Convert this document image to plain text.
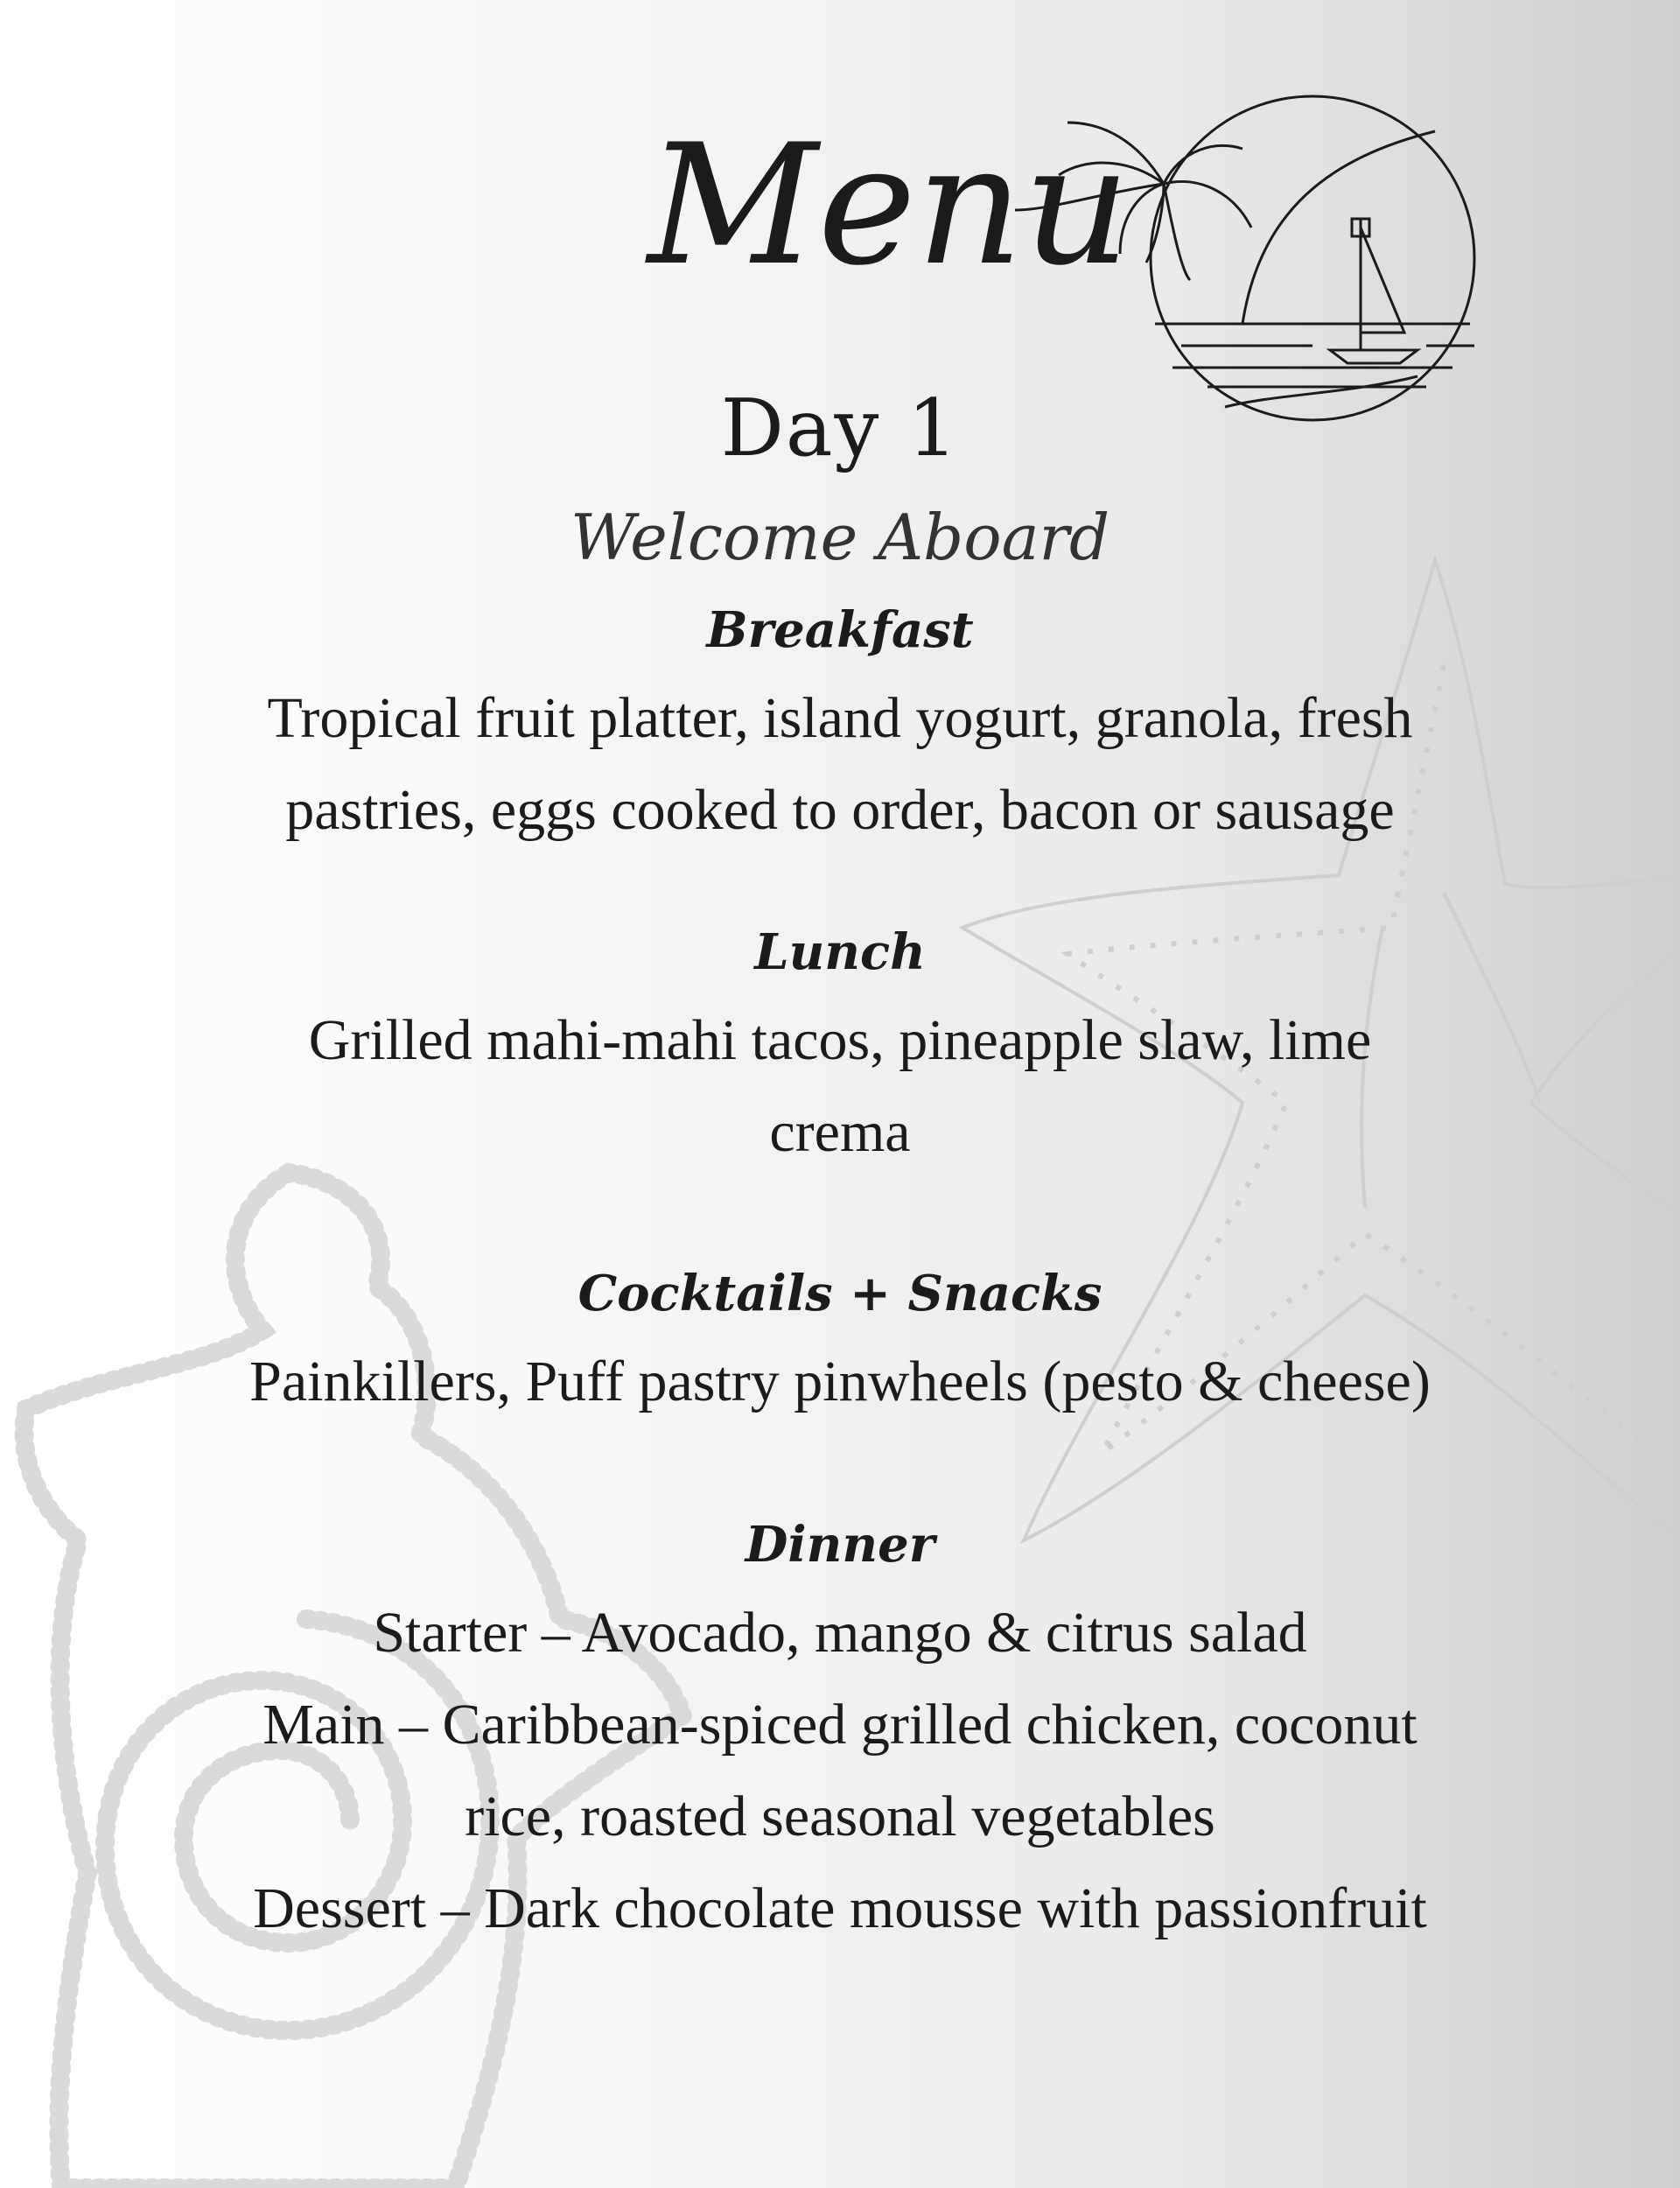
Menu
Day 1
Welcome Aboard
Breakfast
Tropical fruit platter, island yogurt, granola, fresh
pastries, eggs cooked to order, bacon or sausage
Lunch
Grilled mahi-mahi tacos, pineapple slaw, lime
crema
Cocktails + Snacks
Painkillers, Puff pastry pinwheels (pesto & cheese)
Dinner
Starter – Avocado, mango & citrus salad
Main – Caribbean-spiced grilled chicken, coconut
rice, roasted seasonal vegetables
Dessert – Dark chocolate mousse with passionfruit
